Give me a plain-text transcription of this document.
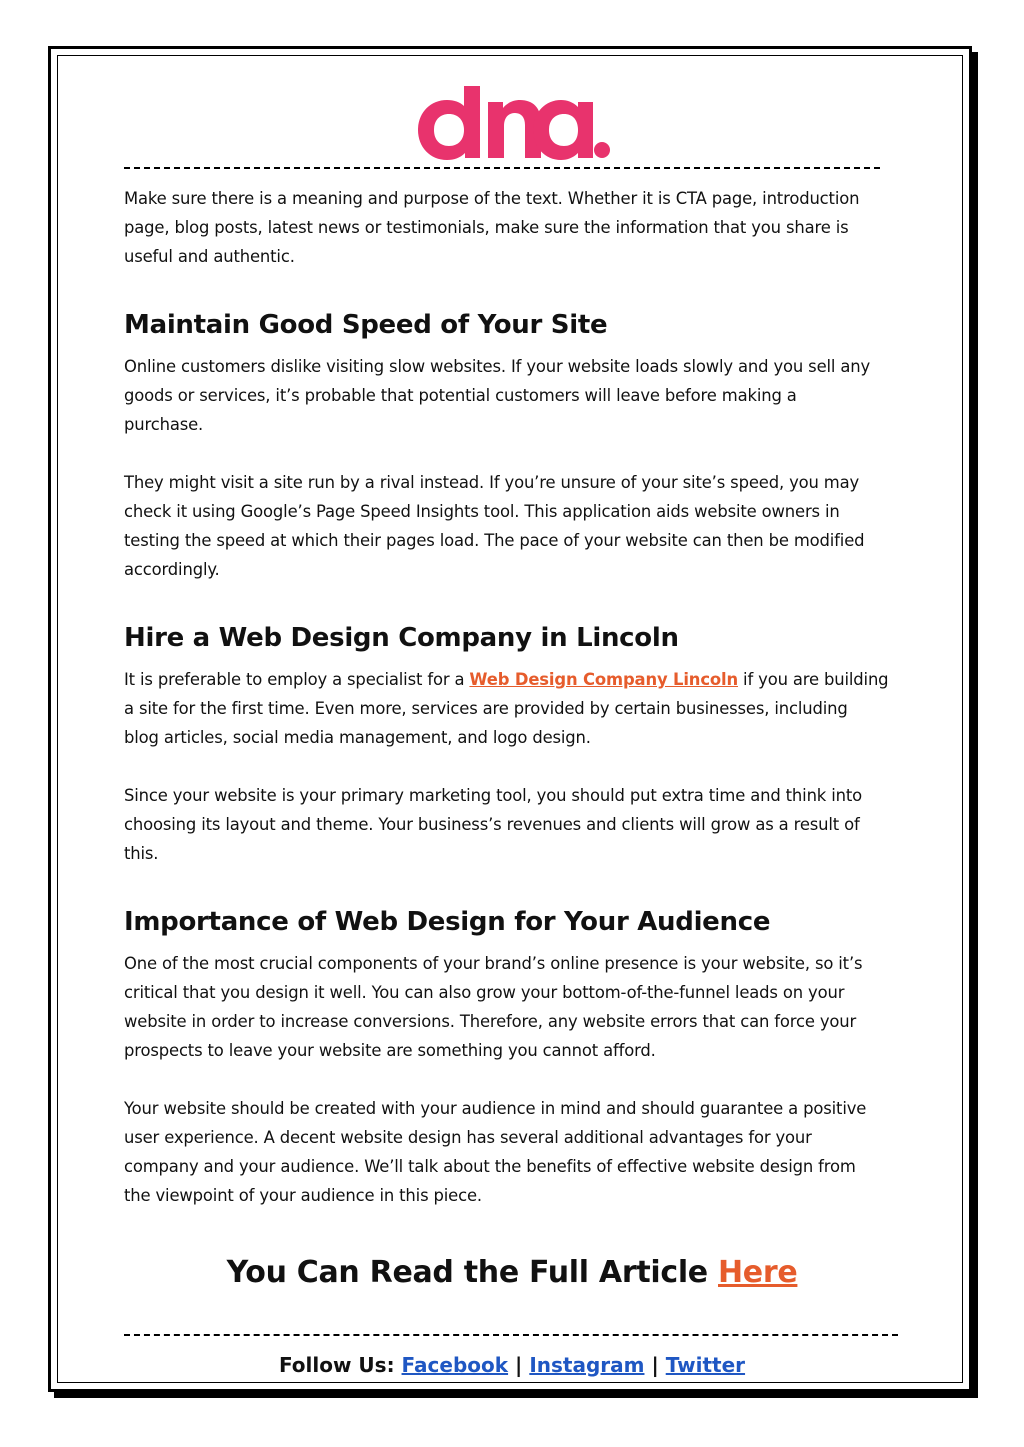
Make sure there is a meaning and purpose of the text. Whether it is CTA page, introduction

page, blog posts, latest news or testimonials, make sure the information that you share is

useful and authentic.

Maintain Good Speed of Your Site

Online customers dislike visiting slow websites. If your website loads slowly and you sell any

goods or services, it’s probable that potential customers will leave before making a

purchase.

They might visit a site run by a rival instead. If you’re unsure of your site’s speed, you may

check it using Google’s Page Speed Insights tool. This application aids website owners in

testing the speed at which their pages load. The pace of your website can then be modified

accordingly.

Hire a Web Design Company in Lincoln

It is preferable to employ a specialist for a Web Design Company Lincoln if you are building

a site for the first time. Even more, services are provided by certain businesses, including

blog articles, social media management, and logo design.

Since your website is your primary marketing tool, you should put extra time and think into

choosing its layout and theme. Your business’s revenues and clients will grow as a result of

this.

Importance of Web Design for Your Audience

One of the most crucial components of your brand’s online presence is your website, so it’s

critical that you design it well. You can also grow your bottom-of-the-funnel leads on your

website in order to increase conversions. Therefore, any website errors that can force your

prospects to leave your website are something you cannot afford.

Your website should be created with your audience in mind and should guarantee a positive

user experience. A decent website design has several additional advantages for your

company and your audience. We’ll talk about the benefits of effective website design from

the viewpoint of your audience in this piece.

You Can Read the Full Article Here
Follow Us: Facebook | Instagram | Twitter
